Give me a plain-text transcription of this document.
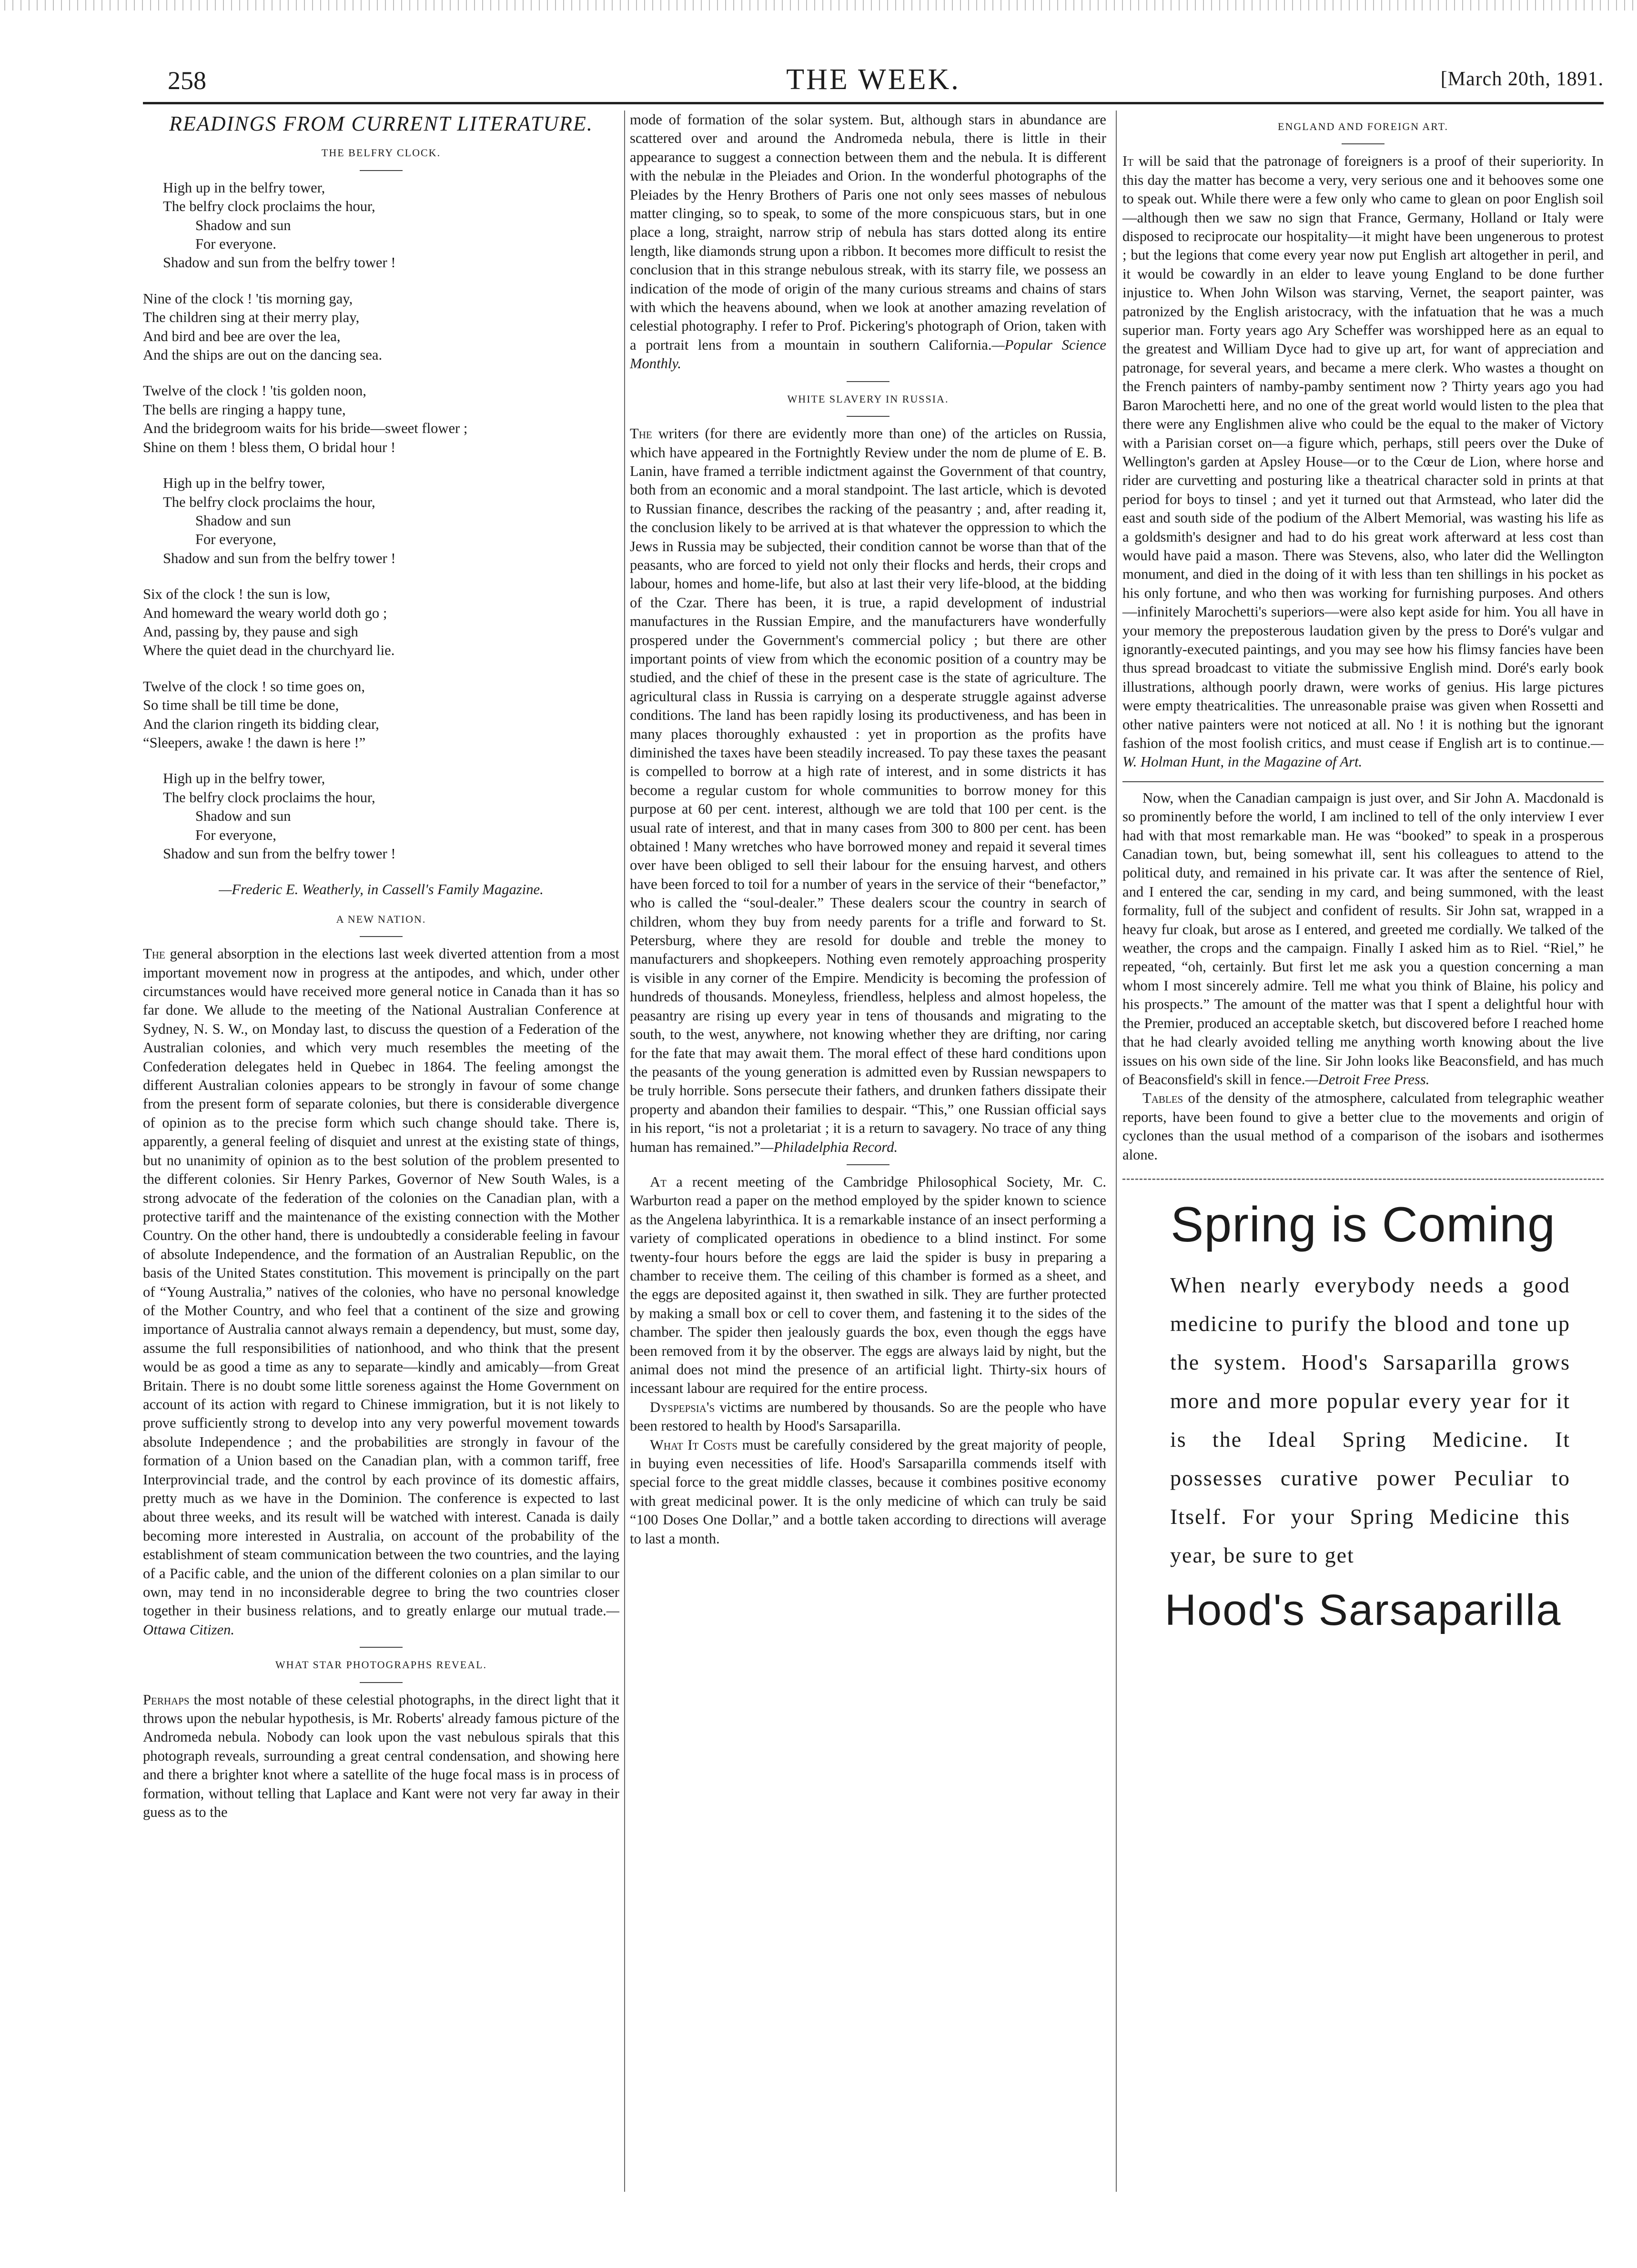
258	THE WEEK.	[March 20th, 1891.
READINGS FROM CURRENT LITERATURE.
THE BELFRY CLOCK.
High up in the belfry tower,
The belfry clock proclaims the hour,
Shadow and sun
For everyone.
Shadow and sun from the belfry tower !
Nine of the clock ! 'tis morning gay,
The children sing at their merry play,
And bird and bee are over the lea,
And the ships are out on the dancing sea.
Twelve of the clock ! 'tis golden noon,
The bells are ringing a happy tune,
And the bridegroom waits for his bride—sweet flower ;
Shine on them ! bless them, O bridal hour !
High up in the belfry tower,
The belfry clock proclaims the hour,
Shadow and sun
For everyone,
Shadow and sun from the belfry tower !
Six of the clock ! the sun is low,
And homeward the weary world doth go ;
And, passing by, they pause and sigh
Where the quiet dead in the churchyard lie.
Twelve of the clock ! so time goes on,
So time shall be till time be done,
And the clarion ringeth its bidding clear,
“Sleepers, awake ! the dawn is here !”
High up in the belfry tower,
The belfry clock proclaims the hour,
Shadow and sun
For everyone,
Shadow and sun from the belfry tower !
—Frederic E. Weatherly, in Cassell's Family Magazine.
A NEW NATION.

The general absorption in the elections last week diverted attention from a most important movement now in progress at the antipodes, and which, under other circumstances would have received more general notice in Canada than it has so far done. We allude to the meeting of the National Australian Conference at Sydney, N. S. W., on Monday last, to discuss the question of a Federation of the Australian colonies, and which very much resembles the meeting of the Confederation delegates held in Quebec in 1864. The feeling amongst the different Australian colonies appears to be strongly in favour of some change from the present form of separate colonies, but there is considerable divergence of opinion as to the precise form which such change should take. There is, apparently, a general feeling of disquiet and unrest at the existing state of things, but no unanimity of opinion as to the best solution of the problem presented to the different colonies. Sir Henry Parkes, Governor of New South Wales, is a strong advocate of the federation of the colonies on the Canadian plan, with a protective tariff and the maintenance of the existing connection with the Mother Country. On the other hand, there is undoubtedly a considerable feeling in favour of absolute Independence, and the formation of an Australian Republic, on the basis of the United States constitution. This movement is principally on the part of “Young Australia,” natives of the colonies, who have no personal knowledge of the Mother Country, and who feel that a continent of the size and growing importance of Australia cannot always remain a dependency, but must, some day, assume the full responsibilities of nationhood, and who think that the present would be as good a time as any to separate—kindly and amicably—from Great Britain. There is no doubt some little soreness against the Home Government on account of its action with regard to Chinese immigration, but it is not likely to prove sufficiently strong to develop into any very powerful movement towards absolute Independence ; and the probabilities are strongly in favour of the formation of a Union based on the Canadian plan, with a common tariff, free Interprovincial trade, and the control by each province of its domestic affairs, pretty much as we have in the Dominion. The conference is expected to last about three weeks, and its result will be watched with interest. Canada is daily becoming more interested in Australia, on account of the probability of the establishment of steam communication between the two countries, and the laying of a Pacific cable, and the union of the different colonies on a plan similar to our own, may tend in no inconsiderable degree to bring the two countries closer together in their business relations, and to greatly enlarge our mutual trade.—Ottawa Citizen.

WHAT STAR PHOTOGRAPHS REVEAL.

Perhaps the most notable of these celestial photographs, in the direct light that it throws upon the nebular hypothesis, is Mr. Roberts' already famous picture of the Andromeda nebula. Nobody can look upon the vast nebulous spirals that this photograph reveals, surrounding a great central condensation, and showing here and there a brighter knot where a satellite of the huge focal mass is in process of formation, without telling that Laplace and Kant were not very far away in their guess as to the

mode of formation of the solar system. But, although stars in abundance are scattered over and around the Andromeda nebula, there is little in their appearance to suggest a connection between them and the nebula. It is different with the nebulæ in the Pleiades and Orion. In the wonderful photographs of the Pleiades by the Henry Brothers of Paris one not only sees masses of nebulous matter clinging, so to speak, to some of the more conspicuous stars, but in one place a long, straight, narrow strip of nebula has stars dotted along its entire length, like diamonds strung upon a ribbon. It becomes more difficult to resist the conclusion that in this strange nebulous streak, with its starry file, we possess an indication of the mode of origin of the many curious streams and chains of stars with which the heavens abound, when we look at another amazing revelation of celestial photography. I refer to Prof. Pickering's photograph of Orion, taken with a portrait lens from a mountain in southern California.—Popular Science Monthly.

WHITE SLAVERY IN RUSSIA.

The writers (for there are evidently more than one) of the articles on Russia, which have appeared in the Fortnightly Review under the nom de plume of E. B. Lanin, have framed a terrible indictment against the Government of that country, both from an economic and a moral standpoint. The last article, which is devoted to Russian finance, describes the racking of the peasantry ; and, after reading it, the conclusion likely to be arrived at is that whatever the oppression to which the Jews in Russia may be subjected, their condition cannot be worse than that of the peasants, who are forced to yield not only their flocks and herds, their crops and labour, homes and home-life, but also at last their very life-blood, at the bidding of the Czar. There has been, it is true, a rapid development of industrial manufactures in the Russian Empire, and the manufacturers have wonderfully prospered under the Government's commercial policy ; but there are other important points of view from which the economic position of a country may be studied, and the chief of these in the present case is the state of agriculture. The agricultural class in Russia is carrying on a desperate struggle against adverse conditions. The land has been rapidly losing its productiveness, and has been in many places thoroughly exhausted : yet in proportion as the profits have diminished the taxes have been steadily increased. To pay these taxes the peasant is compelled to borrow at a high rate of interest, and in some districts it has become a regular custom for whole communities to borrow money for this purpose at 60 per cent. interest, although we are told that 100 per cent. is the usual rate of interest, and that in many cases from 300 to 800 per cent. has been obtained ! Many wretches who have borrowed money and repaid it several times over have been obliged to sell their labour for the ensuing harvest, and others have been forced to toil for a number of years in the service of their “benefactor,” who is called the “soul-dealer.” These dealers scour the country in search of children, whom they buy from needy parents for a trifle and forward to St. Petersburg, where they are resold for double and treble the money to manufacturers and shopkeepers. Nothing even remotely approaching prosperity is visible in any corner of the Empire. Mendicity is becoming the profession of hundreds of thousands. Moneyless, friendless, helpless and almost hopeless, the peasantry are rising up every year in tens of thousands and migrating to the south, to the west, anywhere, not knowing whether they are drifting, nor caring for the fate that may await them. The moral effect of these hard conditions upon the peasants of the young generation is admitted even by Russian newspapers to be truly horrible. Sons persecute their fathers, and drunken fathers dissipate their property and abandon their families to despair. “This,” one Russian official says in his report, “is not a proletariat ; it is a return to savagery. No trace of any thing human has remained.”—Philadelphia Record.

At a recent meeting of the Cambridge Philosophical Society, Mr. C. Warburton read a paper on the method employed by the spider known to science as the Angelena labyrinthica. It is a remarkable instance of an insect performing a variety of complicated operations in obedience to a blind instinct. For some twenty-four hours before the eggs are laid the spider is busy in preparing a chamber to receive them. The ceiling of this chamber is formed as a sheet, and the eggs are deposited against it, then swathed in silk. They are further protected by making a small box or cell to cover them, and fastening it to the sides of the chamber. The spider then jealously guards the box, even though the eggs have been removed from it by the observer. The eggs are always laid by night, but the animal does not mind the presence of an artificial light. Thirty-six hours of incessant labour are required for the entire process.

Dyspepsia's victims are numbered by thousands. So are the people who have been restored to health by Hood's Sarsaparilla.

What It Costs must be carefully considered by the great majority of people, in buying even necessities of life. Hood's Sarsaparilla commends itself with special force to the great middle classes, because it combines positive economy with great medicinal power. It is the only medicine of which can truly be said “100 Doses One Dollar,” and a bottle taken according to directions will average to last a month.

ENGLAND AND FOREIGN ART.

It will be said that the patronage of foreigners is a proof of their superiority. In this day the matter has become a very, very serious one and it behooves some one to speak out. While there were a few only who came to glean on poor English soil—although then we saw no sign that France, Germany, Holland or Italy were disposed to reciprocate our hospitality—it might have been ungenerous to protest ; but the legions that come every year now put English art altogether in peril, and it would be cowardly in an elder to leave young England to be done further injustice to. When John Wilson was starving, Vernet, the seaport painter, was patronized by the English aristocracy, with the infatuation that he was a much superior man. Forty years ago Ary Scheffer was worshipped here as an equal to the greatest and William Dyce had to give up art, for want of appreciation and patronage, for several years, and became a mere clerk. Who wastes a thought on the French painters of namby-pamby sentiment now ? Thirty years ago you had Baron Marochetti here, and no one of the great world would listen to the plea that there were any Englishmen alive who could be the equal to the maker of Victory with a Parisian corset on—a figure which, perhaps, still peers over the Duke of Wellington's garden at Apsley House—or to the Cœur de Lion, where horse and rider are curvetting and posturing like a theatrical character sold in prints at that period for boys to tinsel ; and yet it turned out that Armstead, who later did the east and south side of the podium of the Albert Memorial, was wasting his life as a goldsmith's designer and had to do his great work afterward at less cost than would have paid a mason. There was Stevens, also, who later did the Wellington monument, and died in the doing of it with less than ten shillings in his pocket as his only fortune, and who then was working for furnishing purposes. And others—infinitely Marochetti's superiors—were also kept aside for him. You all have in your memory the preposterous laudation given by the press to Doré's vulgar and ignorantly-executed paintings, and you may see how his flimsy fancies have been thus spread broadcast to vitiate the submissive English mind. Doré's early book illustrations, although poorly drawn, were works of genius. His large pictures were empty theatricalities. The unreasonable praise was given when Rossetti and other native painters were not noticed at all. No ! it is nothing but the ignorant fashion of the most foolish critics, and must cease if English art is to continue.—W. Holman Hunt, in the Magazine of Art.

Now, when the Canadian campaign is just over, and Sir John A. Macdonald is so prominently before the world, I am inclined to tell of the only interview I ever had with that most remarkable man. He was “booked” to speak in a prosperous Canadian town, but, being somewhat ill, sent his colleagues to attend to the political duty, and remained in his private car. It was after the sentence of Riel, and I entered the car, sending in my card, and being summoned, with the least formality, full of the subject and confident of results. Sir John sat, wrapped in a heavy fur cloak, but arose as I entered, and greeted me cordially. We talked of the weather, the crops and the campaign. Finally I asked him as to Riel. “Riel,” he repeated, “oh, certainly. But first let me ask you a question concerning a man whom I most sincerely admire. Tell me what you think of Blaine, his policy and his prospects.” The amount of the matter was that I spent a delightful hour with the Premier, produced an acceptable sketch, but discovered before I reached home that he had clearly avoided telling me anything worth knowing about the live issues on his own side of the line. Sir John looks like Beaconsfield, and has much of Beaconsfield's skill in fence.—Detroit Free Press.

Tables of the density of the atmosphere, calculated from telegraphic weather reports, have been found to give a better clue to the movements and origin of cyclones than the usual method of a comparison of the isobars and isothermes alone.

Spring is Coming
When nearly everybody needs a good medicine to purify the blood and tone up the system. Hood's Sarsaparilla grows more and more popular every year for it is the Ideal Spring Medicine. It possesses curative power Peculiar to Itself. For your Spring Medicine this year, be sure to get
Hood's Sarsaparilla
